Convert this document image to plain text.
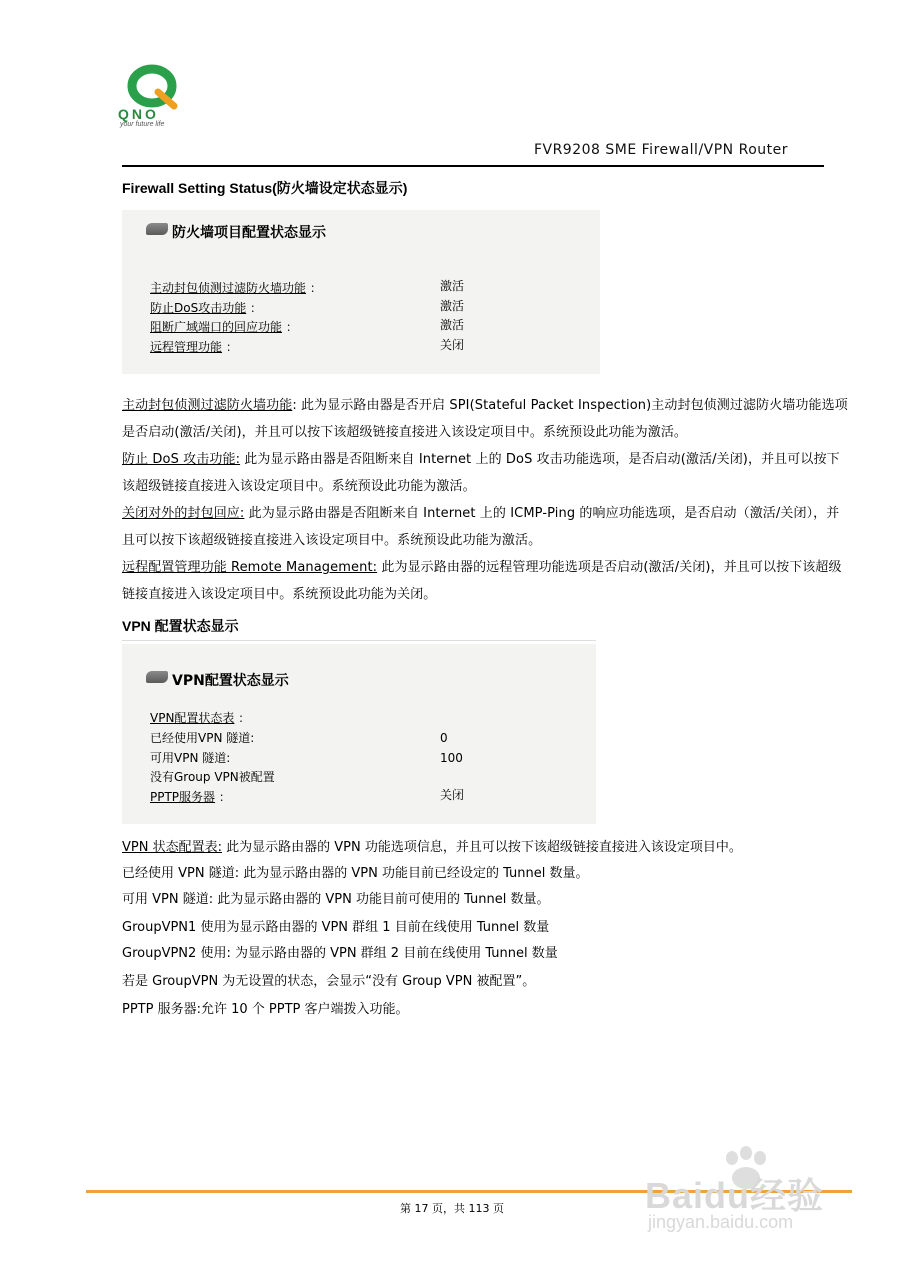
QNO
your future life
FVR9208 SME Firewall/VPN Router
Firewall Setting Status(防火墙设定状态显示)
防火墙项目配置状态显示
主动封包侦测过滤防火墙功能 ：	激活
防止DoS攻击功能 ：	激活
阻断广域端口的回应功能 ：	激活
远程管理功能 ：	关闭
主动封包侦测过滤防火墙功能: 此为显示路由器是否开启 SPI(Stateful Packet Inspection)主动封包侦测过滤防火墙功能选项是否启动(激活/关闭)，并且可以按下该超级链接直接进入该设定项目中。系统预设此功能为激活。
防止 DoS 攻击功能: 此为显示路由器是否阻断来自 Internet 上的 DoS 攻击功能选项，是否启动(激活/关闭)，并且可以按下该超级链接直接进入该设定项目中。系统预设此功能为激活。
关闭对外的封包回应: 此为显示路由器是否阻断来自 Internet 上的 ICMP-Ping 的响应功能选项，是否启动（激活/关闭），并且可以按下该超级链接直接进入该设定项目中。系统预设此功能为激活。
远程配置管理功能 Remote Management: 此为显示路由器的远程管理功能选项是否启动(激活/关闭)，并且可以按下该超级链接直接进入该设定项目中。系统预设此功能为关闭。
VPN 配置状态显示
VPN配置状态显示
VPN配置状态表 ：
已经使用VPN 隧道:	0
可用VPN 隧道:	100
没有Group VPN被配置
PPTP服务器 ：	关闭
VPN 状态配置表: 此为显示路由器的 VPN 功能选项信息，并且可以按下该超级链接直接进入该设定项目中。
已经使用 VPN 隧道: 此为显示路由器的 VPN 功能目前已经设定的 Tunnel 数量。
可用 VPN 隧道: 此为显示路由器的 VPN 功能目前可使用的 Tunnel 数量。
GroupVPN1 使用为显示路由器的 VPN 群组 1 目前在线使用 Tunnel 数量
GroupVPN2 使用: 为显示路由器的 VPN 群组 2 目前在线使用 Tunnel 数量
若是 GroupVPN 为无设置的状态，会显示“没有 Group VPN 被配置”。
PPTP 服务器:允许 10 个 PPTP 客户端拨入功能。
第 17 页，共 113 页	Baidu经验
jingyan.baidu.com
